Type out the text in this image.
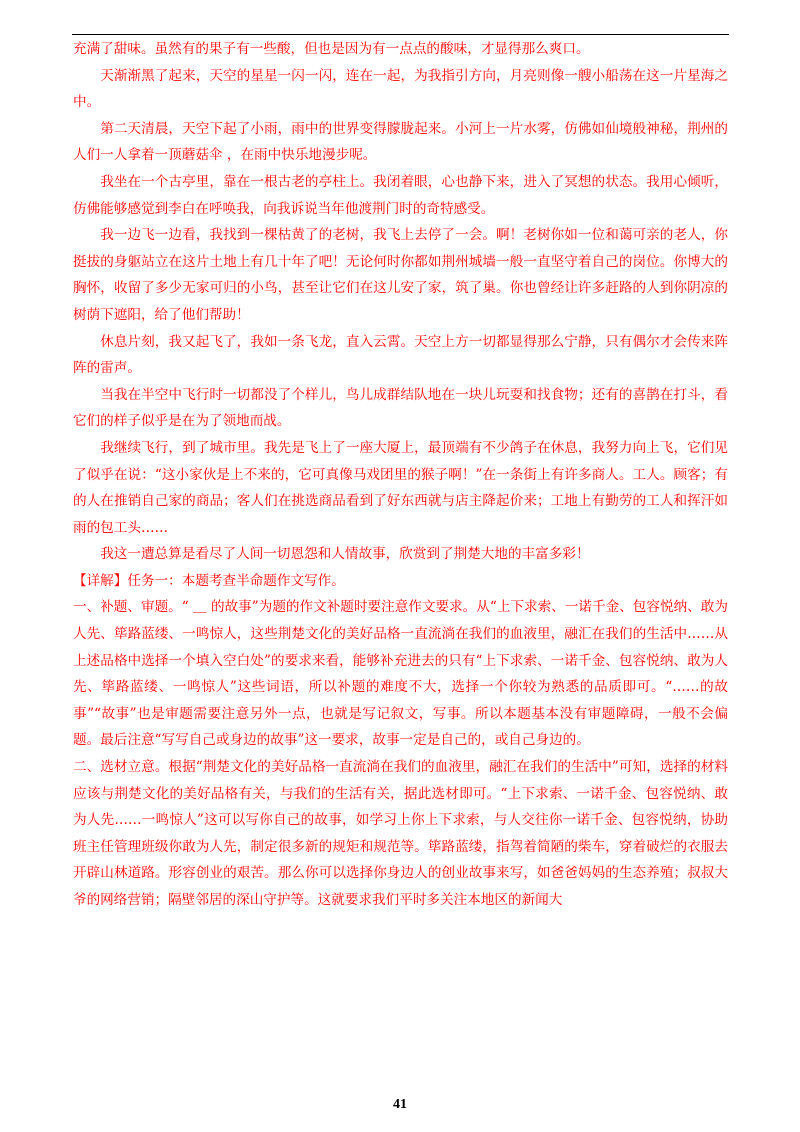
充满了甜味。虽然有的果子有一些酸，但也是因为有一点点的酸味，才显得那么爽口。

天渐渐黑了起来，天空的星星一闪一闪，连在一起，为我指引方向，月亮则像一艘小船荡在这一片星海之中。

第二天清晨，天空下起了小雨，雨中的世界变得朦胧起来。小河上一片水雾，仿佛如仙境般神秘，荆州的人们一人拿着一顶蘑菇伞 ，在雨中快乐地漫步呢。

我坐在一个古亭里，靠在一根古老的亭柱上。我闭着眼，心也静下来，进入了冥想的状态。我用心倾听，仿佛能够感觉到李白在呼唤我，向我诉说当年他渡荆门时的奇特感受。

我一边飞一边看，我找到一棵枯黄了的老树，我飞上去停了一会。啊！老树你如一位和蔼可亲的老人，你挺拔的身躯站立在这片土地上有几十年了吧！无论何时你都如荆州城墙一般一直坚守着自己的岗位。你博大的胸怀，收留了多少无家可归的小鸟，甚至让它们在这儿安了家，筑了巢。你也曾经让许多赶路的人到你阴凉的树荫下遮阳，给了他们帮助！

休息片刻，我又起飞了，我如一条飞龙，直入云霄。天空上方一切都显得那么宁静，只有偶尔才会传来阵阵的雷声。

当我在半空中飞行时一切都没了个样儿，鸟儿成群结队地在一块儿玩耍和找食物；还有的喜鹊在打斗，看它们的样子似乎是在为了领地而战。

我继续飞行，到了城市里。我先是飞上了一座大厦上，最顶端有不少鸽子在休息，我努力向上飞，它们见了似乎在说：“这小家伙是上不来的，它可真像马戏团里的猴子啊！”在一条街上有许多商人。工人。顾客；有的人在推销自己家的商品；客人们在挑选商品看到了好东西就与店主降起价来；工地上有勤劳的工人和挥汗如雨的包工头……

我这一遭总算是看尽了人间一切恩怨和人情故事，欣赏到了荆楚大地的丰富多彩！

【详解】任务一：本题考查半命题作文写作。

一、补题、审题。“ ＿ 的故事”为题的作文补题时要注意作文要求。从“上下求索、一诺千金、包容悦纳、敢为人先、筚路蓝缕、一鸣惊人，这些荆楚文化的美好品格一直流淌在我们的血液里，融汇在我们的生活中……从上述品格中选择一个填入空白处”的要求来看，能够补充进去的只有“上下求索、一诺千金、包容悦纳、敢为人先、筚路蓝缕、一鸣惊人”这些词语，所以补题的难度不大，选择一个你较为熟悉的品质即可。“……的故事”“故事”也是审题需要注意另外一点，也就是写记叙文，写事。所以本题基本没有审题障碍，一般不会偏题。最后注意“写写自己或身边的故事”这一要求，故事一定是自己的，或自己身边的。

二、选材立意。根据“荆楚文化的美好品格一直流淌在我们的血液里，融汇在我们的生活中”可知，选择的材料应该与荆楚文化的美好品格有关，与我们的生活有关，据此选材即可。“上下求索、一诺千金、包容悦纳、敢为人先……一鸣惊人”这可以写你自己的故事，如学习上你上下求索，与人交往你一诺千金、包容悦纳，协助班主任管理班级你敢为人先，制定很多新的规矩和规范等。筚路蓝缕，指驾着简陋的柴车，穿着破烂的衣服去开辟山林道路。形容创业的艰苦。那么你可以选择你身边人的创业故事来写，如爸爸妈妈的生态养殖；叔叔大爷的网络营销；隔壁邻居的深山守护等。这就要求我们平时多关注本地区的新闻大

41
